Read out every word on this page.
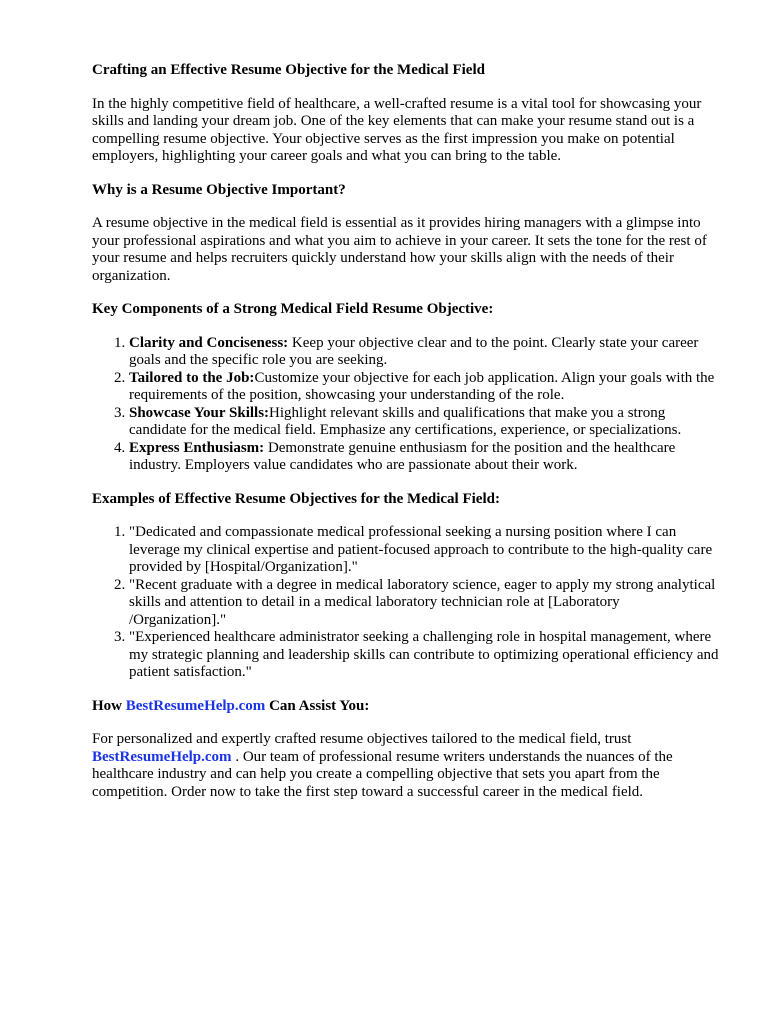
Crafting an Effective Resume Objective for the Medical Field

In the highly competitive field of healthcare, a well-crafted resume is a vital tool for showcasing your skills and landing your dream job. One of the key elements that can make your resume stand out is a compelling resume objective. Your objective serves as the first impression you make on potential employers, highlighting your career goals and what you can bring to the table.

Why is a Resume Objective Important?

A resume objective in the medical field is essential as it provides hiring managers with a glimpse into your professional aspirations and what you aim to achieve in your career. It sets the tone for the rest of your resume and helps recruiters quickly understand how your skills align with the needs of their organization.

Key Components of a Strong Medical Field Resume Objective:
1. Clarity and Conciseness: Keep your objective clear and to the point. Clearly state your career goals and the specific role you are seeking.
2. Tailored to the Job:Customize your objective for each job application. Align your goals with the requirements of the position, showcasing your understanding of the role.
3. Showcase Your Skills:Highlight relevant skills and qualifications that make you a strong candidate for the medical field. Emphasize any certifications, experience, or specializations.
4. Express Enthusiasm: Demonstrate genuine enthusiasm for the position and the healthcare industry. Employers value candidates who are passionate about their work.
Examples of Effective Resume Objectives for the Medical Field:
1. "Dedicated and compassionate medical professional seeking a nursing position where I can leverage my clinical expertise and patient-focused approach to contribute to the high-quality care provided by [Hospital/Organization]."
2. "Recent graduate with a degree in medical laboratory science, eager to apply my strong analytical skills and attention to detail in a medical laboratory technician role at [Laboratory /Organization]."
3. "Experienced healthcare administrator seeking a challenging role in hospital management, where my strategic planning and leadership skills can contribute to optimizing operational efficiency and patient satisfaction."
How BestResumeHelp.com Can Assist You:

For personalized and expertly crafted resume objectives tailored to the medical field, trust BestResumeHelp.com . Our team of professional resume writers understands the nuances of the healthcare industry and can help you create a compelling objective that sets you apart from the competition. Order now to take the first step toward a successful career in the medical field.
